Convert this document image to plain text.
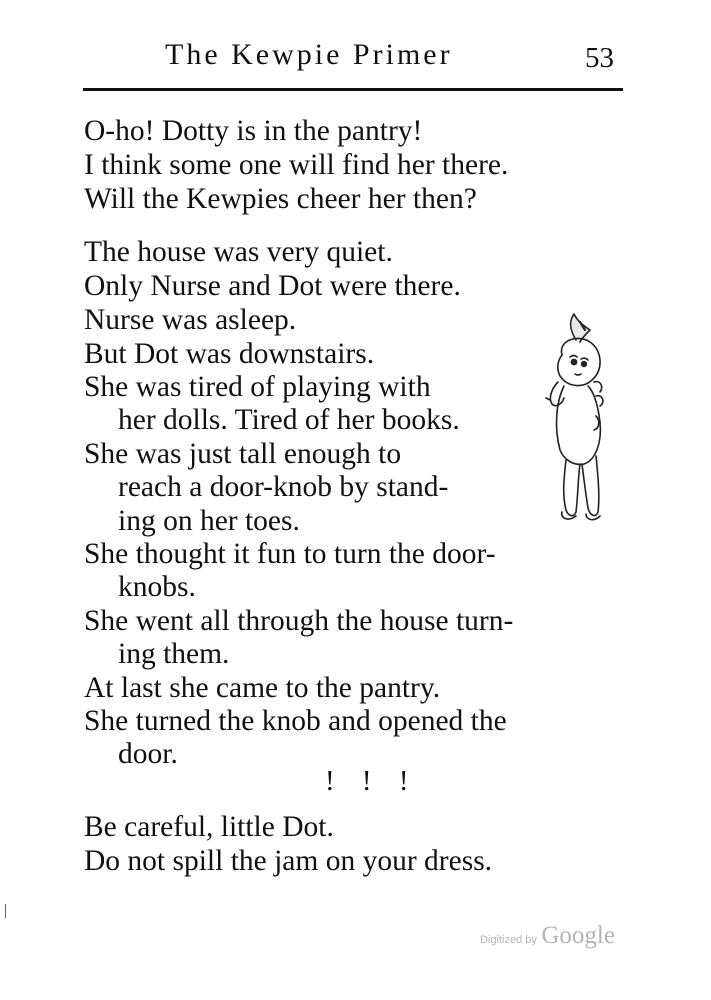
The Kewpie Primer	53
O-ho! Dotty is in the pantry!
I think some one will find her there.
Will the Kewpies cheer her then?
The house was very quiet.
Only Nurse and Dot were there.
Nurse was asleep.
But Dot was downstairs.
She was tired of playing with
her dolls. Tired of her books.
She was just tall enough to
reach a door-knob by stand-
ing on her toes.
She thought it fun to turn the door-
knobs.
She went all through the house turn-
ing them.
At last she came to the pantry.
She turned the knob and opened the
door.
! ! !
Be careful, little Dot.
Do not spill the jam on your dress.
Digitized by Google
